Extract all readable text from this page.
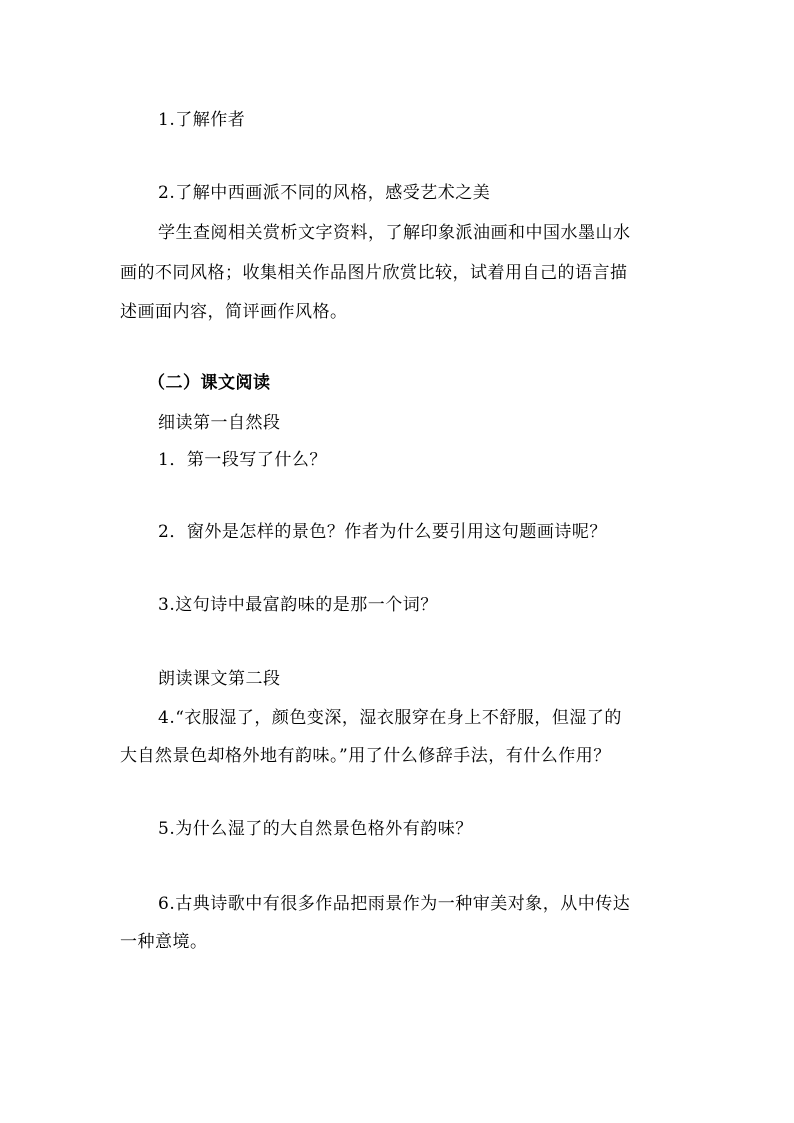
1.了解作者
2.了解中西画派不同的风格，感受艺术之美
学生查阅相关赏析文字资料，了解印象派油画和中国水墨山水
画的不同风格；收集相关作品图片欣赏比较，试着用自己的语言描
述画面内容，简评画作风格。
（二）课文阅读
细读第一自然段
1．第一段写了什么？
2．窗外是怎样的景色？作者为什么要引用这句题画诗呢？
3.这句诗中最富韵味的是那一个词？
朗读课文第二段
4.“衣服湿了，颜色变深，湿衣服穿在身上不舒服，但湿了的
大自然景色却格外地有韵味。”用了什么修辞手法，有什么作用？
5.为什么湿了的大自然景色格外有韵味？
6.古典诗歌中有很多作品把雨景作为一种审美对象，从中传达
一种意境。
